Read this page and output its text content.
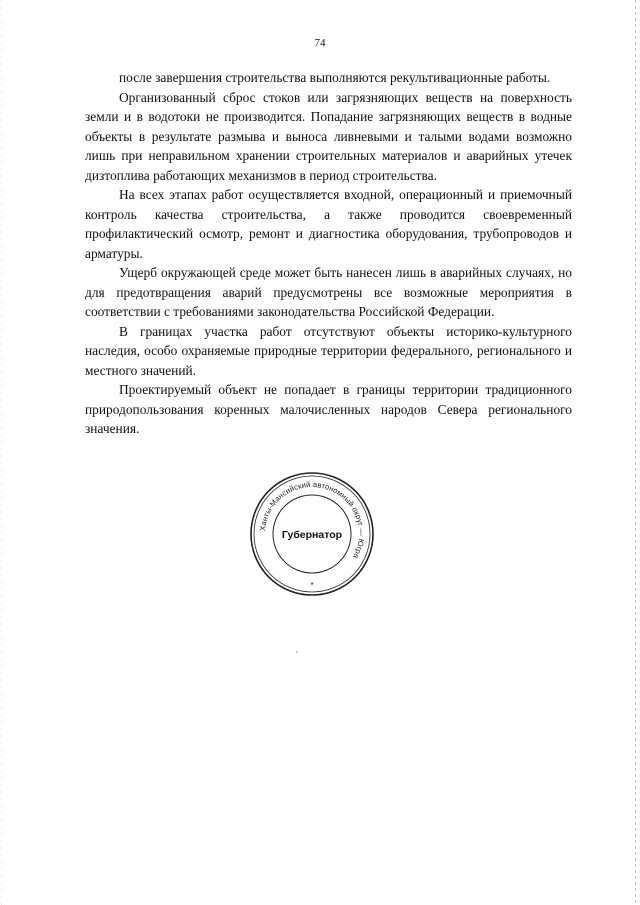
74

после завершения строительства выполняются рекультивационные работы.

Организованный сброс стоков или загрязняющих веществ на поверхность земли и в водотоки не производится. Попадание загрязняющих веществ в водные объекты в результате размыва и выноса ливневыми и талыми водами возможно лишь при неправильном хранении строительных материалов и аварийных утечек дизтоплива работающих механизмов в период строительства.

На всех этапах работ осуществляется входной, операционный и приемочный контроль качества строительства, а также проводится своевременный профилактический осмотр, ремонт и диагностика оборудования, трубопроводов и арматуры.

Ущерб окружающей среде может быть нанесен лишь в аварийных случаях, но для предотвращения аварий предусмотрены все возможные мероприятия в соответствии с требованиями законодательства Российской Федерации.

В границах участка работ отсутствуют объекты историко-культурного наследия, особо охраняемые природные территории федерального, регионального и местного значений.

Проектируемый объект не попадает в границы территории традиционного природопользования коренных малочисленных народов Севера регионального значения.

Ханты-Мансийский автономный округ — Югра
Губернатор
*
